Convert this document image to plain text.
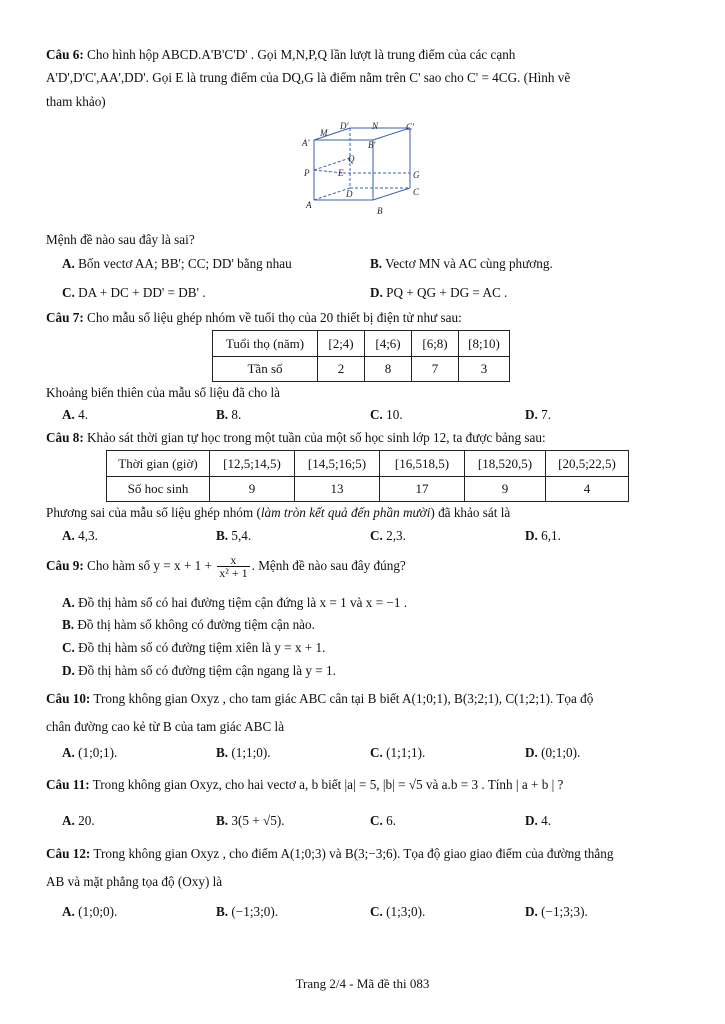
Câu 6: Cho hình hộp ABCD.A'B'C'D' . Gọi M,N,P,Q lần lượt là trung điểm của các cạnh
A'D',D'C',AA',DD'. Gọi E là trung điểm của DQ,G là điểm nằm trên C' sao cho C' = 4CG. (Hình vẽ
tham khảo)
M
D'	N	C'
A'	B'
Q
P	E	G
D	C
A
B
Mệnh đề nào sau đây là sai?
A. Bốn vectơ AA; BB'; CC; DD' bằng nhau	B. Vectơ MN và AC cùng phương.
C. DA + DC + DD' = DB' .	D. PQ + QG + DG = AC .
Câu 7: Cho mẫu số liệu ghép nhóm về tuổi thọ của 20 thiết bị điện tử như sau:
Tuổi thọ (năm)	[2;4)	[4;6)	[6;8)	[8;10)
Tần số	2	8	7	3
Khoảng biến thiên của mẫu số liệu đã cho là
A. 4.	B. 8.	C. 10.	D. 7.
Câu 8: Khảo sát thời gian tự học trong một tuần của một số học sinh lớp 12, ta được bảng sau:
Thời gian (giờ)	[12,5;14,5)	[14,5;16;5)	[16,518,5)	[18,520,5)	[20,5;22,5)
Số hoc sinh	9	13	17	9	4
Phương sai của mẫu số liệu ghép nhóm (làm tròn kết quả đến phần mười) đã khảo sát là
A. 4,3.	B. 5,4.	C. 2,3.	D. 6,1.
Câu 9: Cho hàm số $y = x + 1 + \frac{x}{\text{x² + 1}}$ . Mệnh đề nào sau đây đúng?
A. Đồ thị hàm số có hai đường tiệm cận đứng là x = 1 và x = −1 .
B. Đồ thị hàm số không có đường tiệm cận nào.
C. Đồ thị hàm số có đường tiệm xiên là y = x + 1.
D. Đồ thị hàm số có đường tiệm cận ngang là y = 1.
Câu 10: Trong không gian Oxyz , cho tam giác ABC cân tại B biết A(1;0;1), B(3;2;1), C(1;2;1). Tọa độ
chân đường cao kẻ từ B của tam giác ABC là
A. (1;0;1).	B. (1;1;0).	C. (1;1;1).	D. (0;1;0).
Câu 11: Trong không gian Oxyz, cho hai vectơ a, b biết |a| = 5, |b| = √5 và a.b = 3 . Tính | a + b | ?
A. 20.	B. 3(5 + √5).	C. 6.	D. 4.
Câu 12: Trong không gian Oxyz , cho điểm A(1;0;3) và B(3;−3;6). Tọa độ giao giao điểm của đường thẳng
AB và mặt phẳng tọa độ (Oxy) là
A. (1;0;0).	B. (−1;3;0).	C. (1;3;0).	D. (−1;3;3).
Trang 2/4 - Mã đề thi 083
